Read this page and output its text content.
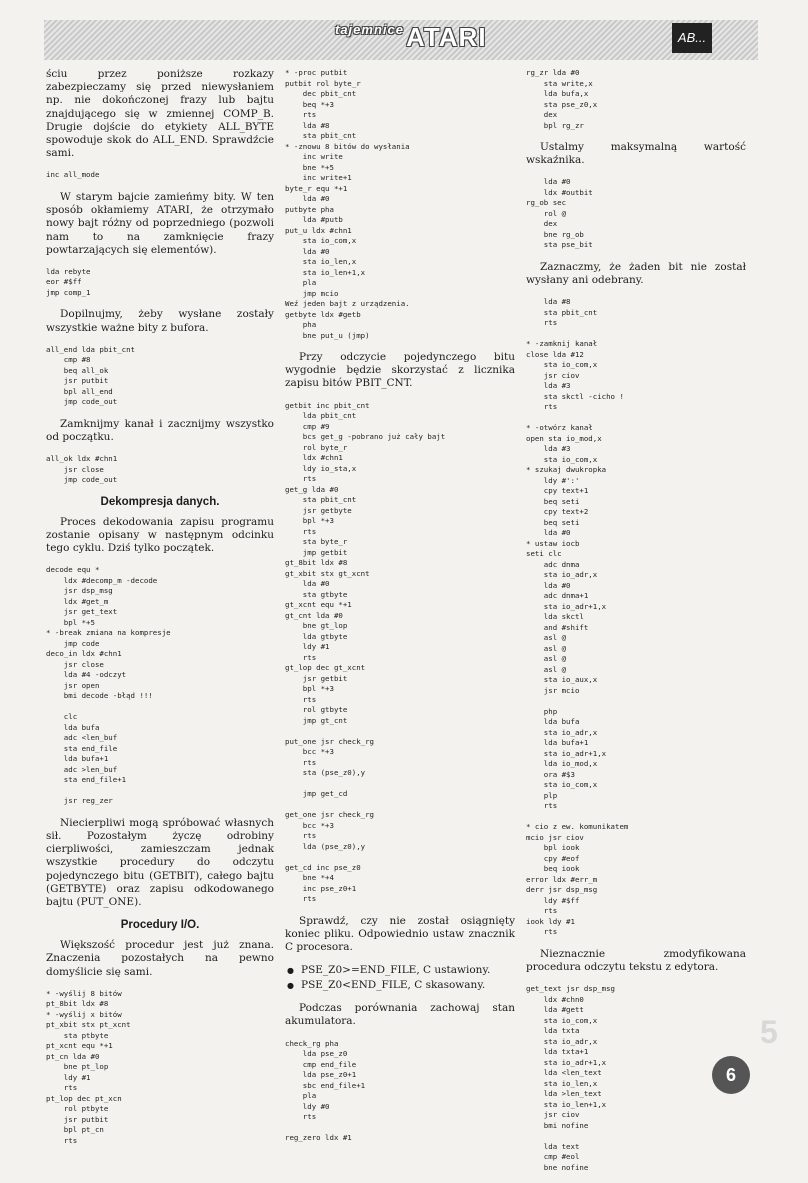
$^{tajemnice}$ATARI	AB...

ściu przez poniższe rozkazy zabezpieczamy się przed niewysłaniem np. nie dokończonej frazy lub bajtu znajdującego się w zmiennej COMP_B. Drugie dojście do etykiety ALL_BYTE spowoduje skok do ALL_END. Sprawdźcie sami.

inc all_mode

W starym bajcie zamieńmy bity. W ten sposób okłamiemy ATARI, że otrzymało nowy bajt różny od poprzedniego (pozwoli nam to na zamknięcie frazy powtarzających się elementów).

lda rebyte
eor #$ff
jmp comp_1

Dopilnujmy, żeby wysłane zostały wszystkie ważne bity z bufora.

all_end lda pbit_cnt
cmp #8
beq all_ok
jsr putbit
bpl all_end
jmp code_out

Zamknijmy kanał i zacznijmy wszystko od początku.

all_ok ldx #chn1
jsr close
jmp code_out
Dekompresja danych.

Proces dekodowania zapisu programu zostanie opisany w następnym odcinku tego cyklu. Dziś tylko początek.

decode equ *
ldx #decomp_m -decode
jsr dsp_msg
ldx #get_m
jsr get_text
bpl *+5
* -break zmiana na kompresje
jmp code
deco_in ldx #chn1
jsr close
lda #4 -odczyt
jsr open
bmi decode -błąd !!!

clc
lda bufa
adc <len_buf
sta end_file
lda bufa+1
adc >len_buf
sta end_file+1

jsr reg_zer

Niecierpliwi mogą spróbować własnych sił. Pozostałym życzę odrobiny cierpliwości, zamieszczam jednak wszystkie procedury do odczytu pojedynczego bitu (GETBIT), całego bajtu (GETBYTE) oraz zapisu odkodowanego bajtu (PUT_ONE).

Procedury I/O.

Większość procedur jest już znana. Znaczenia pozostałych na pewno domyślicie się sami.

* -wyślij 8 bitów
pt_8bit ldx #8
* -wyślij x bitów
pt_xbit stx pt_xcnt
sta ptbyte
pt_xcnt equ *+1
pt_cn lda #0
bne pt_lop
ldy #1
rts
pt_lop dec pt_xcn
rol ptbyte
jsr putbit
bpl pt_cn
rts
* -proc putbit
putbit rol byte_r
dec pbit_cnt
beq *+3
rts
lda #8
sta pbit_cnt
* -znowu 8 bitów do wysłania
inc write
bne *+5
inc write+1
byte_r equ *+1
lda #0
putbyte pha
lda #putb
put_u ldx #chn1
sta io_com,x
lda #0
sta io_len,x
sta io_len+1,x
pla
jmp mcio
Weź jeden bajt z urządzenia.
getbyte ldx #getb
pha
bne put_u (jmp)

Przy odczycie pojedynczego bitu wygodnie będzie skorzystać z licznika zapisu bitów PBIT_CNT.

getbit inc pbit_cnt
lda pbit_cnt
cmp #9
bcs get_g -pobrano już cały bajt
rol byte_r
ldx #chn1
ldy io_sta,x
rts
get_g lda #0
sta pbit_cnt
jsr getbyte
bpl *+3
rts
sta byte_r
jmp getbit
gt_8bit ldx #8
gt_xbit stx gt_xcnt
lda #0
sta gtbyte
gt_xcnt equ *+1
gt_cnt lda #0
bne gt_lop
lda gtbyte
ldy #1
rts
gt_lop dec gt_xcnt
jsr getbit
bpl *+3
rts
rol gtbyte
jmp gt_cnt

put_one jsr check_rg
bcc *+3
rts
sta (pse_z0),y

jmp get_cd

get_one jsr check_rg
bcc *+3
rts
lda (pse_z0),y

get_cd inc pse_z0
bne *+4
inc pse_z0+1
rts

Sprawdź, czy nie został osiągnięty koniec pliku. Odpowiednio ustaw znacznik C procesora.

● PSE_Z0>=END_FILE, C ustawiony.
● PSE_Z0<END_FILE, C skasowany.

Podczas porównania zachowaj stan akumulatora.

check_rg pha
lda pse_z0
cmp end_file
lda pse_z0+1
sbc end_file+1
pla
ldy #0
rts

reg_zero ldx #1
rg_zr lda #0
sta write,x
lda bufa,x
sta pse_z0,x
dex
bpl rg_zr

Ustalmy maksymalną wartość wskaźnika.

lda #0
ldx #outbit
rg_ob sec
rol @
dex
bne rg_ob
sta pse_bit

Zaznaczmy, że żaden bit nie został wysłany ani odebrany.

lda #8
sta pbit_cnt
rts

* -zamknij kanał
close lda #12
sta io_com,x
jsr ciov
lda #3
sta skctl -cicho !
rts

* -otwórz kanał
open sta io_mod,x
lda #3
sta io_com,x
* szukaj dwukropka
ldy #':'
cpy text+1
beq seti
cpy text+2
beq seti
lda #0
* ustaw iocb
seti clc
adc dnma
sta io_adr,x
lda #0
adc dnma+1
sta io_adr+1,x
lda skctl
and #shift
asl @
asl @
asl @
asl @
sta io_aux,x
jsr mcio

php
lda bufa
sta io_adr,x
lda bufa+1
sta io_adr+1,x
lda io_mod,x
ora #$3
sta io_com,x
plp
rts

* cio z ew. komunikatem
mcio jsr ciov
bpl iook
cpy #eof
beq iook
error ldx #err_m
derr jsr dsp_msg
ldy #$ff
rts
iook ldy #1
rts

Nieznacznie zmodyfikowana procedura odczytu tekstu z edytora.

get_text jsr dsp_msg
ldx #chn0
lda #gett
sta io_com,x
lda txta
sta io_adr,x
lda txta+1
sta io_adr+1,x
lda <len_text
sta io_len,x
lda >len_text
sta io_len+1,x
jsr ciov
bmi nofine

lda text
cmp #eol
bne nofine
5
6
